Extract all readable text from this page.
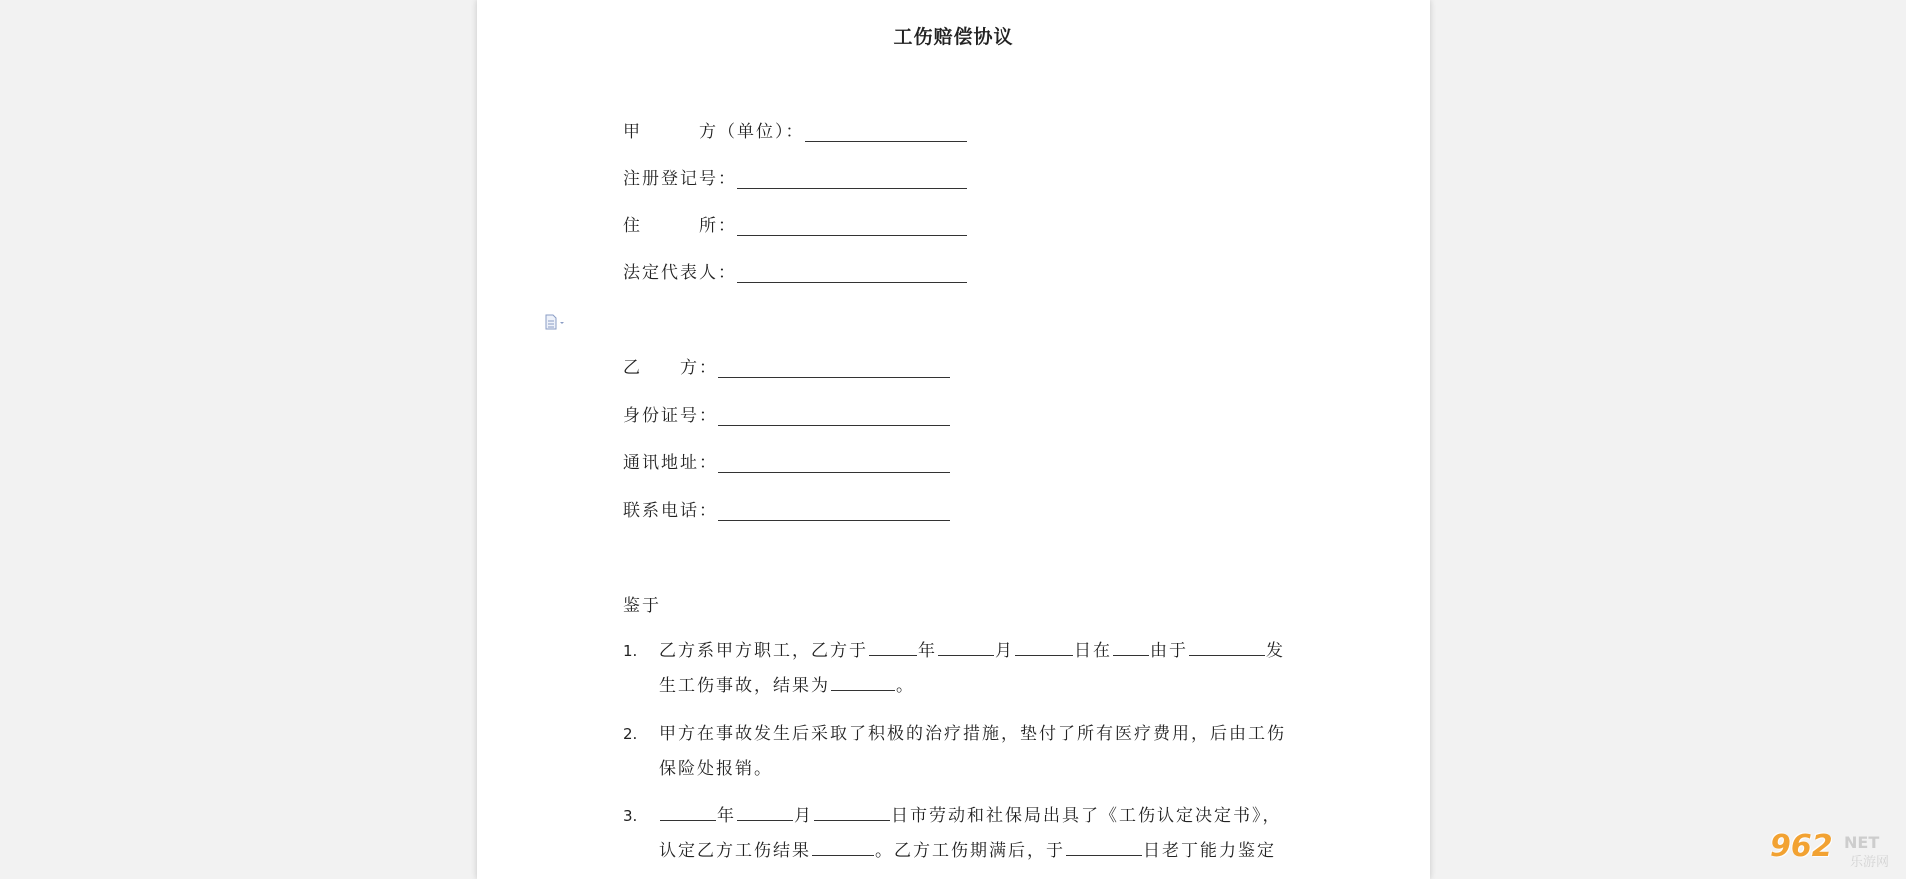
工伤赔偿协议
甲　　　方（单位）：
注册登记号：
住　　　所：
法定代表人：
乙　　方：
身份证号：
通讯地址：
联系电话：
鉴于
1. 乙方系甲方职工，乙方于	年	月	日在 由于	发
生工伤事故，结果为	。
2. 甲方在事故发生后采取了积极的治疗措施，垫付了所有医疗费用，后由工伤
保险处报销。
3.	年	月	日市劳动和社保局出具了《工伤认定决定书》，
认定乙方工伤结果	。乙方工伤期满后，于	日老丁能力鉴定	962 NET
乐游网
